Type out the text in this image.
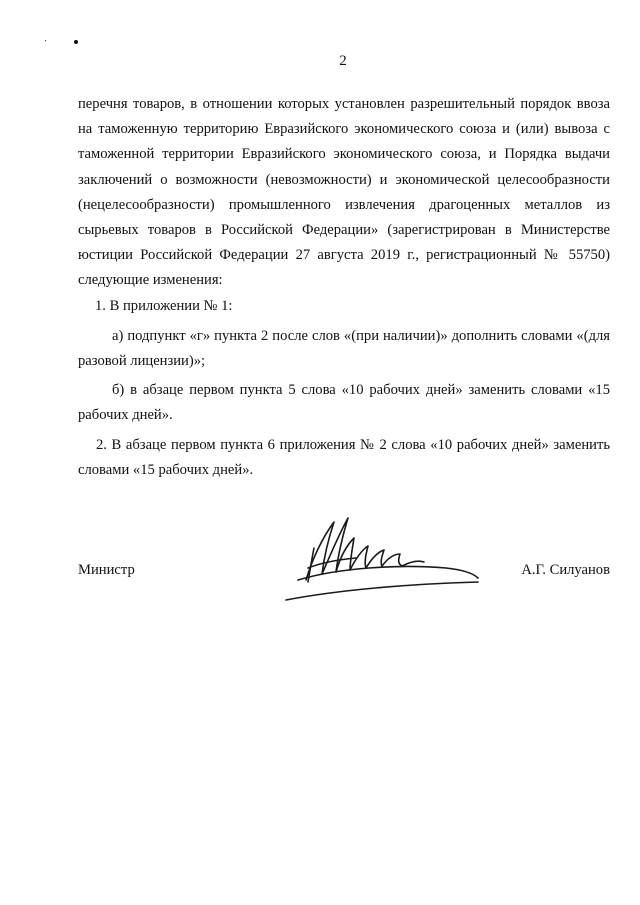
·
2

перечня товаров, в отношении которых установлен разрешительный порядок ввоза на таможенную территорию Евразийского экономического союза и (или) вывоза с таможенной территории Евразийского экономического союза, и Порядка выдачи заключений о возможности (невозможности) и экономической целесообразности (нецелесообразности) промышленного извлечения драгоценных металлов из сырьевых товаров в Российской Федерации» (зарегистрирован в Министерстве юстиции Российской Федерации 27 августа 2019 г., регистрационный № 55750) следующие изменения:

1. В приложении № 1:

а) подпункт «г» пункта 2 после слов «(при наличии)» дополнить словами «(для разовой лицензии)»;

б) в абзаце первом пункта 5 слова «10 рабочих дней» заменить словами «15 рабочих дней».

2. В абзаце первом пункта 6 приложения № 2 слова «10 рабочих дней» заменить словами «15 рабочих дней».

Министр	А.Г. Силуанов
